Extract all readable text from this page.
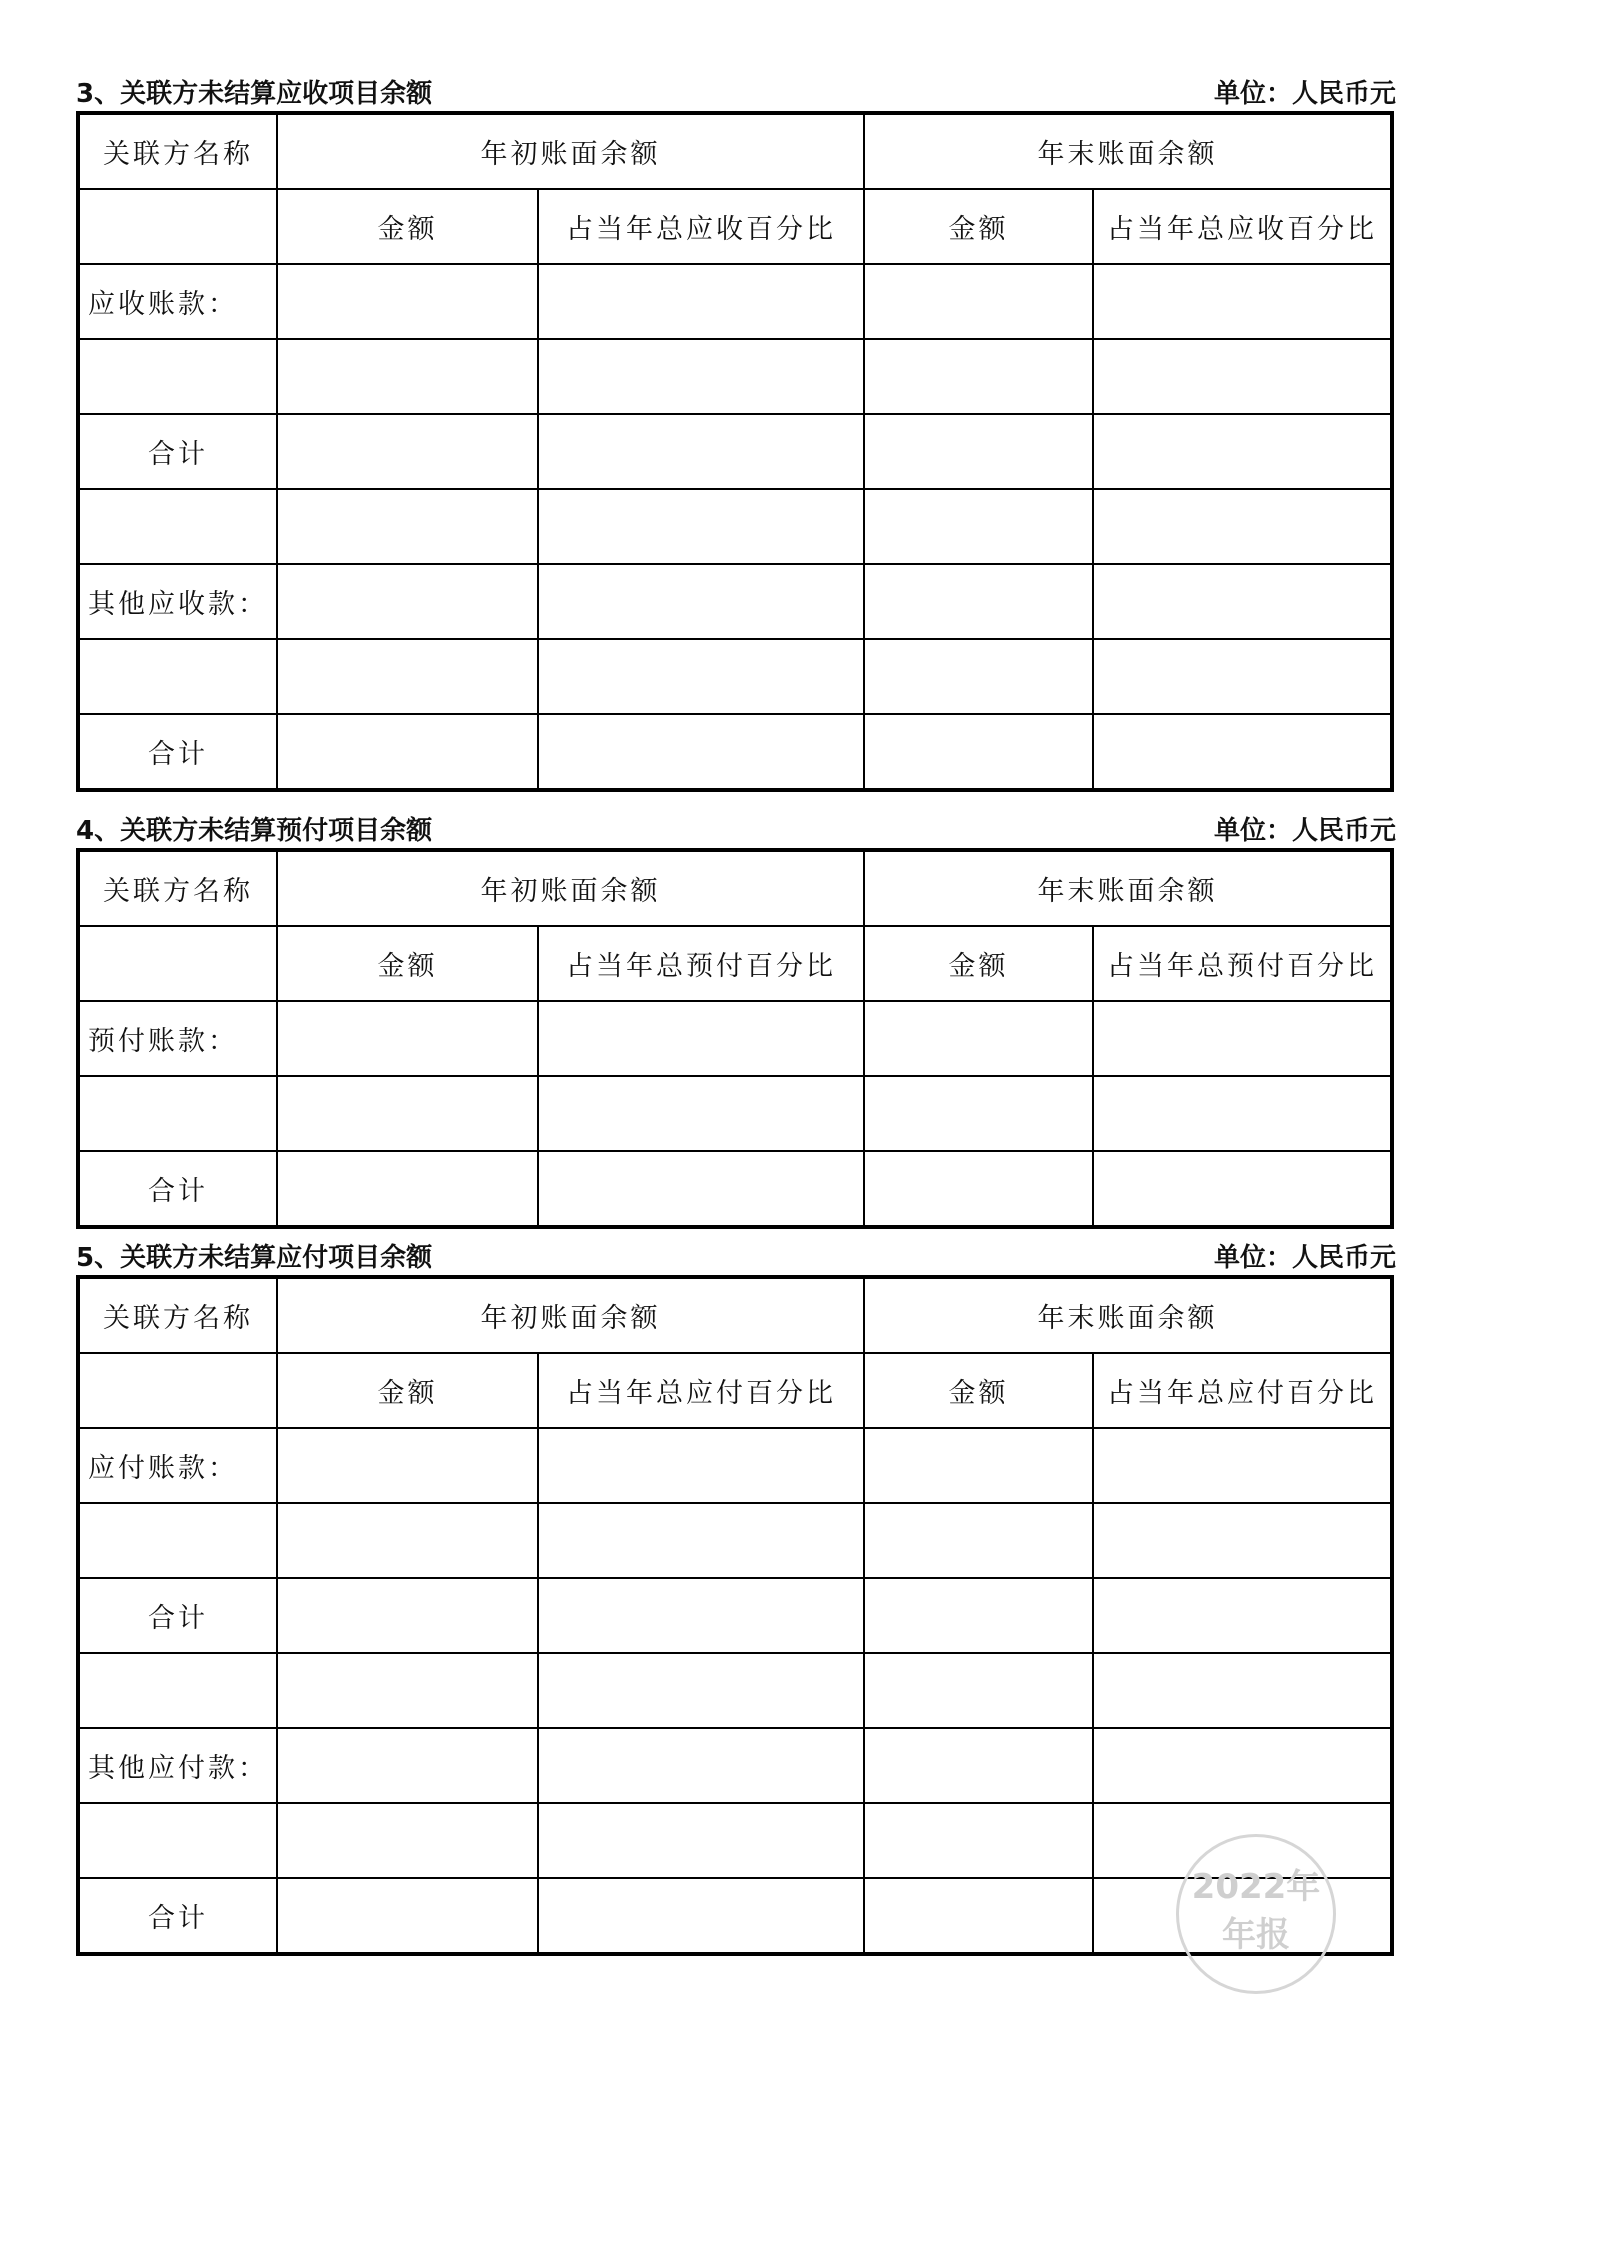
3、关联方未结算应收项目余额	单位：人民币元
关联方名称	年初账面余额		年末账面余额	
	金额	占当年总应收百分比	金额	占当年总应收百分比
应收账款：				

合计				

其他应收款：				

合计				
4、关联方未结算预付项目余额	单位：人民币元
关联方名称	年初账面余额		年末账面余额	
	金额	占当年总预付百分比	金额	占当年总预付百分比
预付账款：				

合计				
5、关联方未结算应付项目余额	单位：人民币元
关联方名称	年初账面余额		年末账面余额	
	金额	占当年总应付百分比	金额	占当年总应付百分比
应付账款：				

合计				

其他应付款：				

合计				
2022年
年报
